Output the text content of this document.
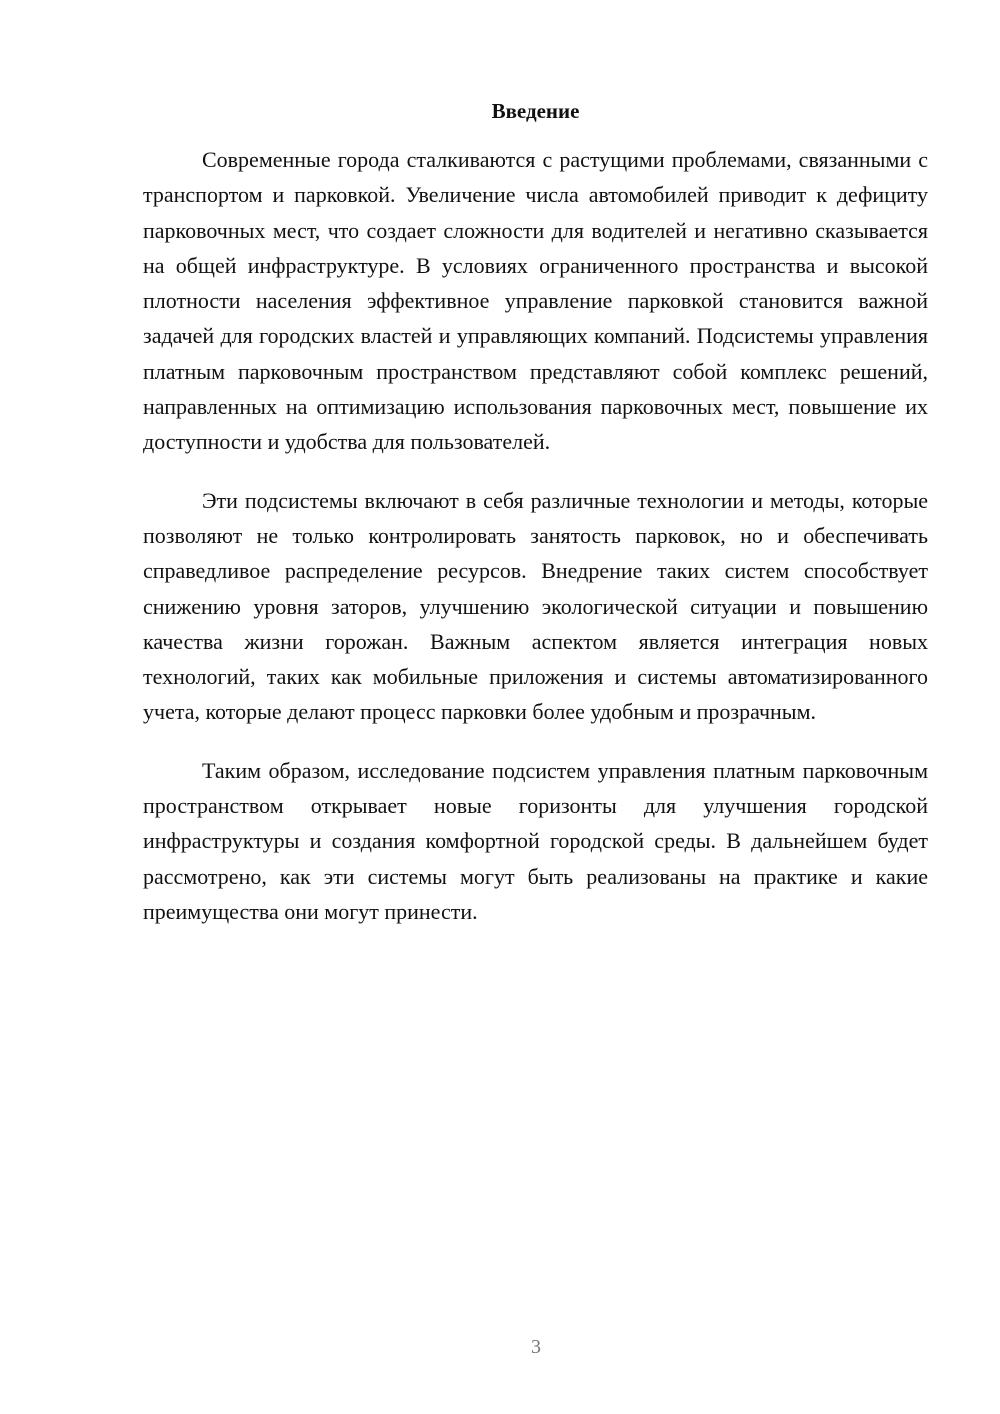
Введение

Современные города сталкиваются с растущими проблемами, связанными с транспортом и парковкой. Увеличение числа автомобилей приводит к дефициту парковочных мест, что создает сложности для водителей и негативно сказывается на общей инфраструктуре. В условиях ограниченного пространства и высокой плотности населения эффективное управление парковкой становится важной задачей для городских властей и управляющих компаний. Подсистемы управления платным парковочным пространством представляют собой комплекс решений, направленных на оптимизацию использования парковочных мест, повышение их доступности и удобства для пользователей.

Эти подсистемы включают в себя различные технологии и методы, которые позволяют не только контролировать занятость парковок, но и обеспечивать справедливое распределение ресурсов. Внедрение таких систем способствует снижению уровня заторов, улучшению экологической ситуации и повышению качества жизни горожан. Важным аспектом является интеграция новых технологий, таких как мобильные приложения и системы автоматизированного учета, которые делают процесс парковки более удобным и прозрачным.

Таким образом, исследование подсистем управления платным парковочным пространством открывает новые горизонты для улучшения городской инфраструктуры и создания комфортной городской среды. В дальнейшем будет рассмотрено, как эти системы могут быть реализованы на практике и какие преимущества они могут принести.

3
